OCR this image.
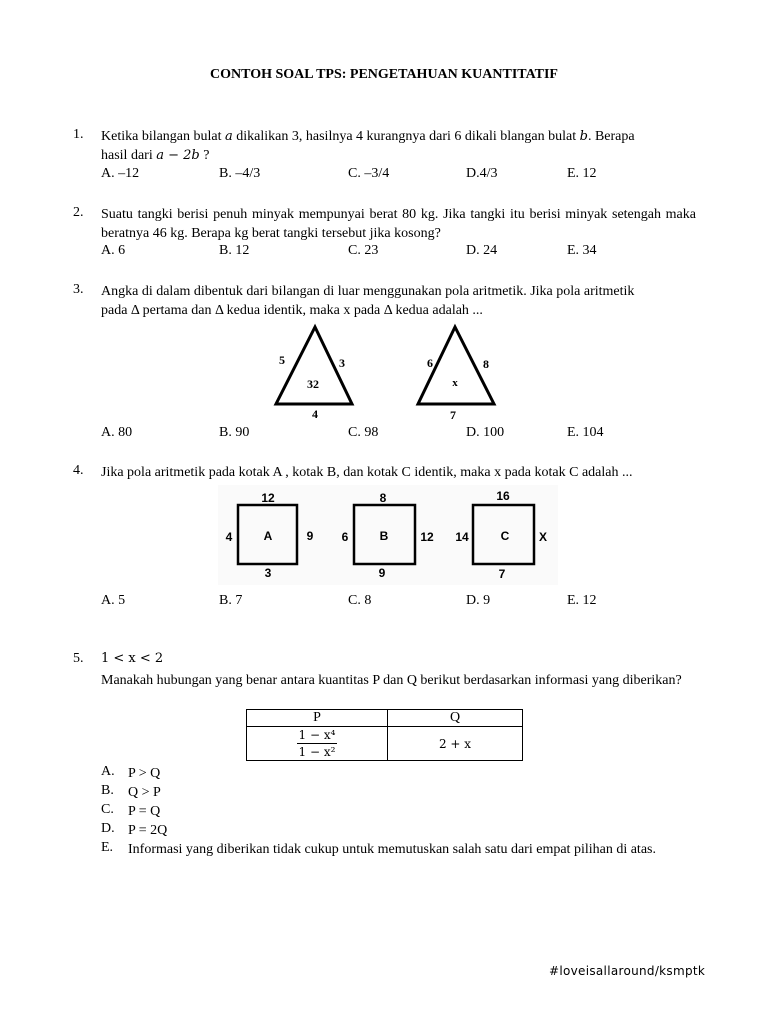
CONTOH SOAL TPS: PENGETAHUAN KUANTITATIF
1. Ketika bilangan bulat a dikalikan 3, hasilnya 4 kurangnya dari 6 dikali blangan bulat b. Berapa
hasil dari a − 2b ?
A. –12	B. –4/3	C. –3/4	D.4/3	E. 12
2. Suatu tangki berisi penuh minyak mempunyai berat 80 kg. Jika tangki itu berisi minyak setengah maka beratnya 46 kg. Berapa kg berat tangki tersebut jika kosong?
A. 6	B. 12	C. 23	D. 24	E. 34
3. Angka di dalam dibentuk dari bilangan di luar menggunakan pola aritmetik. Jika pola aritmetik
pada Δ pertama dan Δ kedua identik, maka x pada Δ kedua adalah ...
5	3
32
4
6	8
x
7
A. 80	B. 90	C. 98	D. 100	E. 104
4. Jika pola aritmetik pada kotak A , kotak B, dan kotak C identik, maka x pada kotak C adalah ...
12
4	A	9
3
8
6	B	12
9
16
14	C X
7
A. 5	B. 7	C. 8	D. 9	E. 12
5. 1 < x < 2
Manakah hubungan yang benar antara kuantitas P dan Q berikut berdasarkan informasi yang diberikan?
P	Q

$\frac{\text{1 − x⁴}}{\text{1 − x²}}$	2 + x
A. P > Q
B. Q > P
C. P = Q
D. P = 2Q
E. Informasi yang diberikan tidak cukup untuk memutuskan salah satu dari empat pilihan di atas.
#loveisallaround/ksmptk
